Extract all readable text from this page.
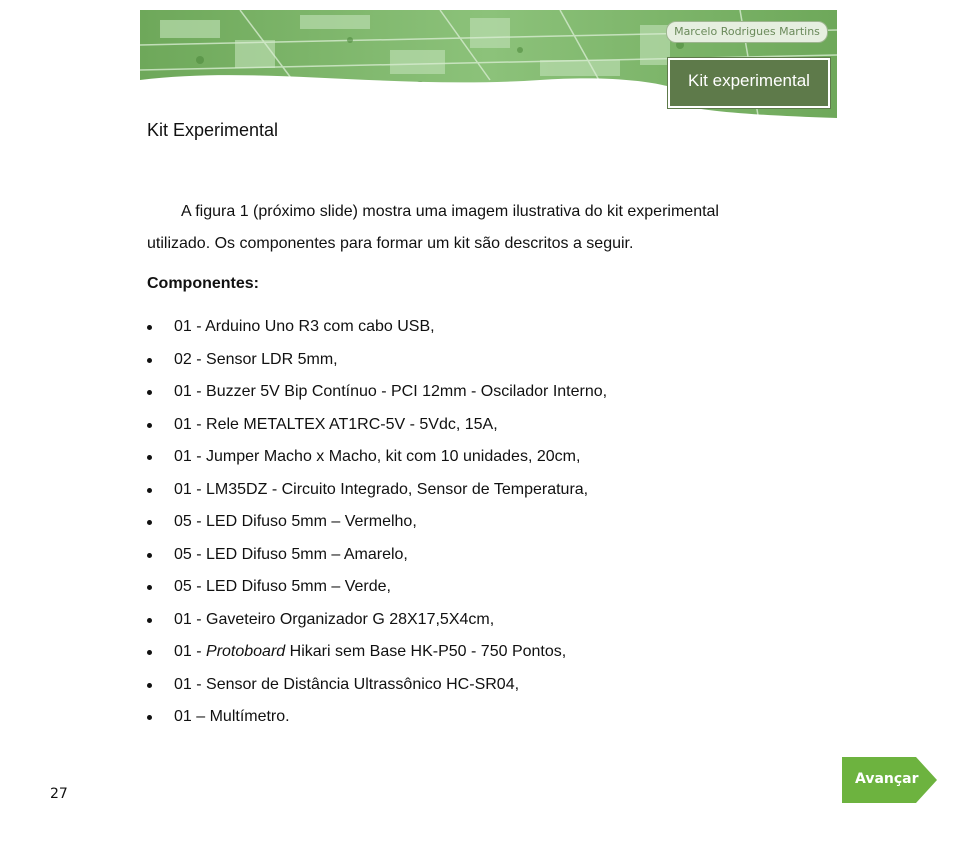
Marcelo Rodrigues Martins
Kit experimental
Kit Experimental
A figura 1 (próximo slide) mostra uma imagem ilustrativa do kit experimental
utilizado. Os componentes para formar um kit são descritos a seguir.
Componentes:
01 - Arduino Uno R3 com cabo USB,
02 - Sensor LDR 5mm,
01 - Buzzer 5V Bip Contínuo - PCI 12mm - Oscilador Interno,
01 - Rele METALTEX AT1RC-5V - 5Vdc, 15A,
01 - Jumper Macho x Macho, kit com 10 unidades, 20cm,
01 - LM35DZ - Circuito Integrado, Sensor de Temperatura,
05 - LED Difuso 5mm – Vermelho,
05 - LED Difuso 5mm – Amarelo,
05 - LED Difuso 5mm – Verde,
01 - Gaveteiro Organizador G 28X17,5X4cm,
01 - Protoboard Hikari sem Base HK-P50 - 750 Pontos,
01 - Sensor de Distância Ultrassônico HC-SR04,
01 – Multímetro.
27
Avançar
